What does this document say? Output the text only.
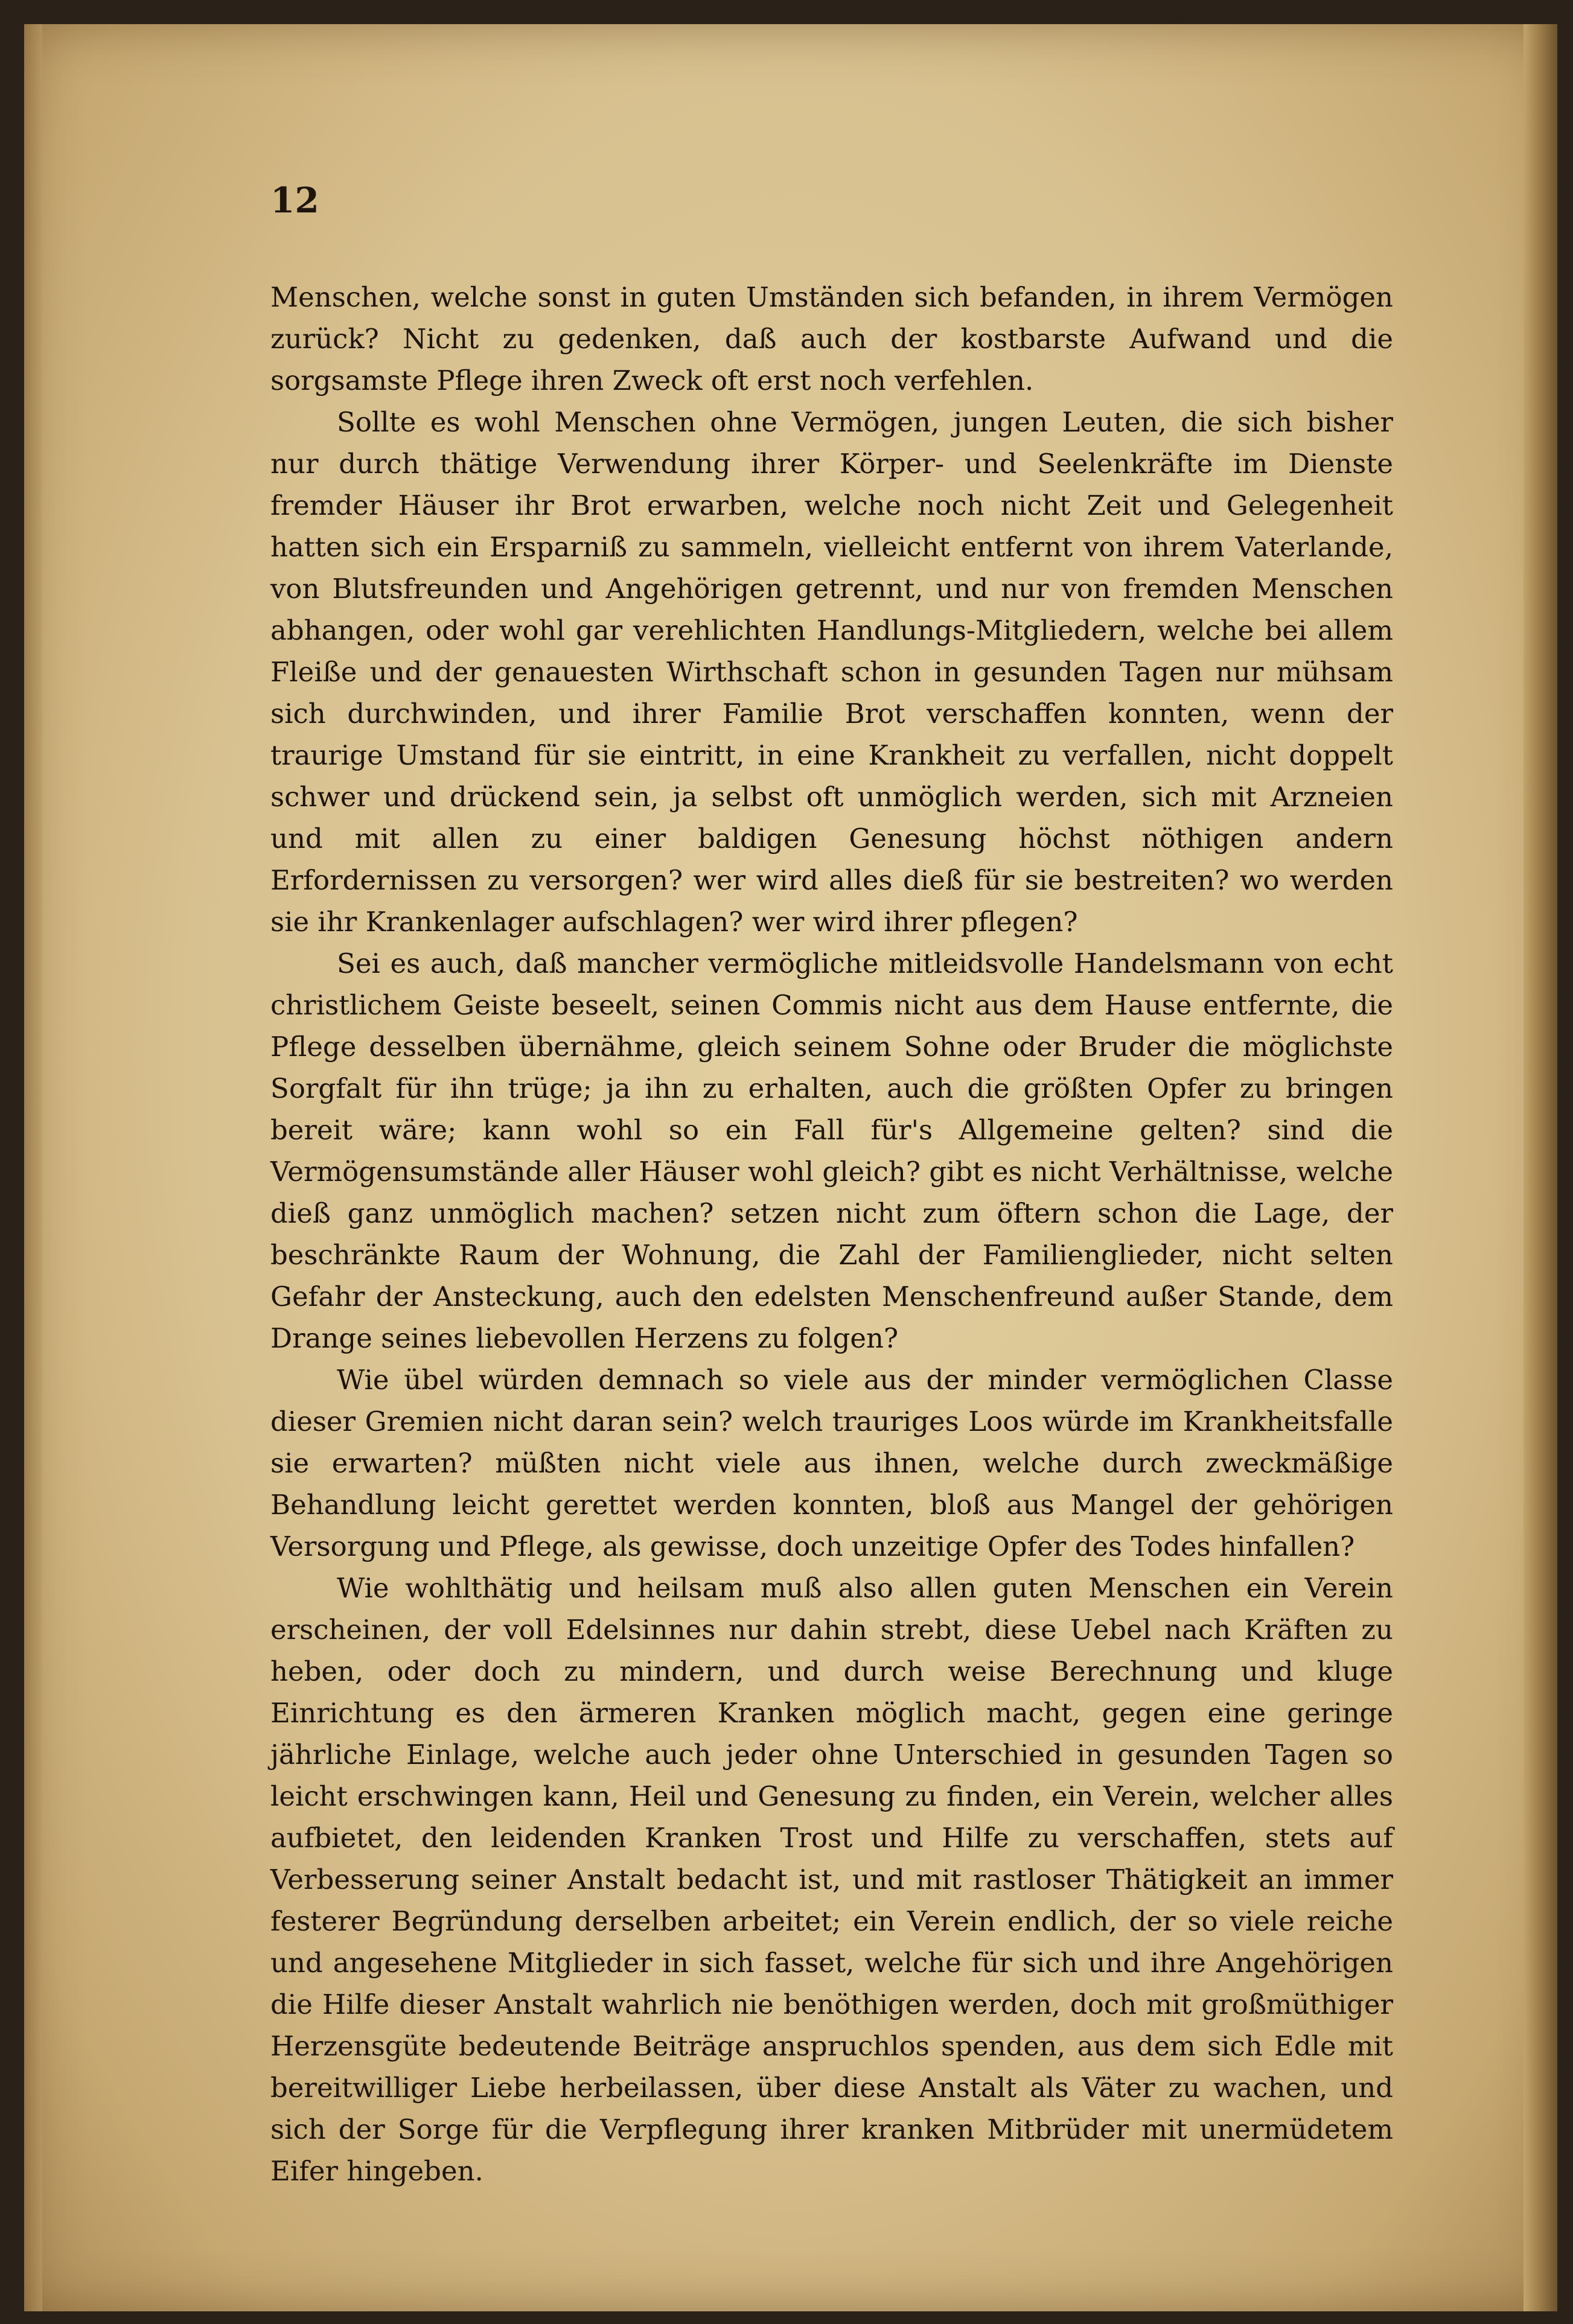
12

Menschen, welche sonst in guten Umständen sich befanden, in ihrem Vermögen zurück? Nicht zu gedenken, daß auch der kostbarste Aufwand und die sorgsamste Pflege ihren Zweck oft erst noch verfehlen.

Sollte es wohl Menschen ohne Vermögen, jungen Leuten, die sich bisher nur durch thätige Verwendung ihrer Körper- und Seelenkräfte im Dienste fremder Häuser ihr Brot erwarben, welche noch nicht Zeit und Gelegenheit hatten sich ein Ersparniß zu sammeln, vielleicht entfernt von ihrem Vaterlande, von Blutsfreunden und Angehörigen getrennt, und nur von fremden Menschen abhangen, oder wohl gar verehlichten Handlungs-Mitgliedern, welche bei allem Fleiße und der genauesten Wirthschaft schon in gesunden Tagen nur mühsam sich durchwinden, und ihrer Familie Brot verschaffen konnten, wenn der traurige Umstand für sie eintritt, in eine Krankheit zu verfallen, nicht doppelt schwer und drückend sein, ja selbst oft unmöglich werden, sich mit Arzneien und mit allen zu einer baldigen Genesung höchst nöthigen andern Erfordernissen zu versorgen? wer wird alles dieß für sie bestreiten? wo werden sie ihr Krankenlager aufschlagen? wer wird ihrer pflegen?

Sei es auch, daß mancher vermögliche mitleidsvolle Handelsmann von echt christlichem Geiste beseelt, seinen Commis nicht aus dem Hause entfernte, die Pflege desselben übernähme, gleich seinem Sohne oder Bruder die möglichste Sorgfalt für ihn trüge; ja ihn zu erhalten, auch die größten Opfer zu bringen bereit wäre; kann wohl so ein Fall für's Allgemeine gelten? sind die Vermögensumstände aller Häuser wohl gleich? gibt es nicht Verhältnisse, welche dieß ganz unmöglich machen? setzen nicht zum öftern schon die Lage, der beschränkte Raum der Wohnung, die Zahl der Familienglieder, nicht selten Gefahr der Ansteckung, auch den edelsten Menschenfreund außer Stande, dem Drange seines liebevollen Herzens zu folgen?

Wie übel würden demnach so viele aus der minder vermöglichen Classe dieser Gremien nicht daran sein? welch trauriges Loos würde im Krankheitsfalle sie erwarten? müßten nicht viele aus ihnen, welche durch zweckmäßige Behandlung leicht gerettet werden konnten, bloß aus Mangel der gehörigen Versorgung und Pflege, als gewisse, doch unzeitige Opfer des Todes hinfallen?

Wie wohlthätig und heilsam muß also allen guten Menschen ein Verein erscheinen, der voll Edelsinnes nur dahin strebt, diese Uebel nach Kräften zu heben, oder doch zu mindern, und durch weise Berechnung und kluge Einrichtung es den ärmeren Kranken möglich macht, gegen eine geringe jährliche Einlage, welche auch jeder ohne Unterschied in gesunden Tagen so leicht erschwingen kann, Heil und Genesung zu finden, ein Verein, welcher alles aufbietet, den leidenden Kranken Trost und Hilfe zu verschaffen, stets auf Verbesserung seiner Anstalt bedacht ist, und mit rastloser Thätigkeit an immer festerer Begründung derselben arbeitet; ein Verein endlich, der so viele reiche und angesehene Mitglieder in sich fasset, welche für sich und ihre Angehörigen die Hilfe dieser Anstalt wahrlich nie benöthigen werden, doch mit großmüthiger Herzensgüte bedeutende Beiträge anspruchlos spenden, aus dem sich Edle mit bereitwilliger Liebe herbeilassen, über diese Anstalt als Väter zu wachen, und sich der Sorge für die Verpflegung ihrer kranken Mitbrüder mit unermüdetem Eifer hingeben.
